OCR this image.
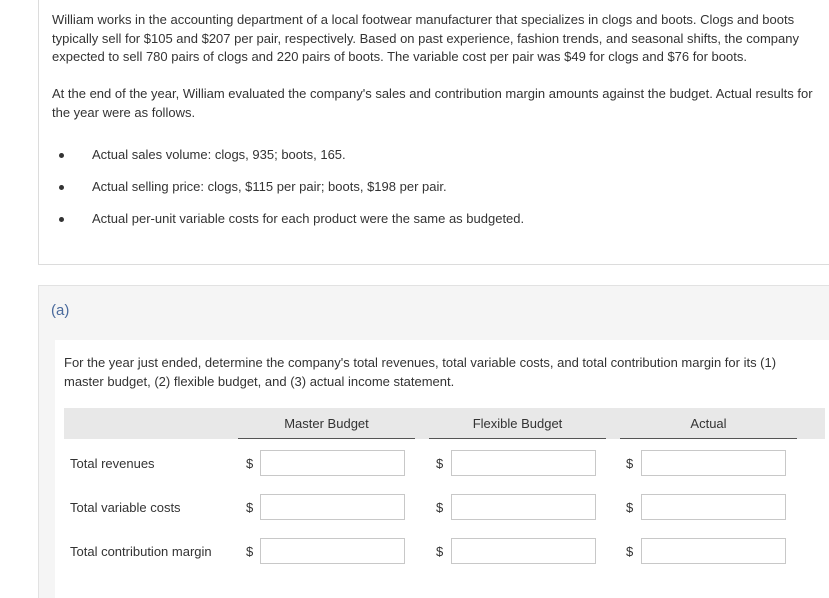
William works in the accounting department of a local footwear manufacturer that specializes in clogs and boots. Clogs and boots typically sell for $105 and $207 per pair, respectively. Based on past experience, fashion trends, and seasonal shifts, the company expected to sell 780 pairs of clogs and 220 pairs of boots. The variable cost per pair was $49 for clogs and $76 for boots.

At the end of the year, William evaluated the company's sales and contribution margin amounts against the budget. Actual results for the year were as follows.

Actual sales volume: clogs, 935; boots, 165.
Actual selling price: clogs, $115 per pair; boots, $198 per pair.
Actual per-unit variable costs for each product were the same as budgeted.
(a)

For the year just ended, determine the company's total revenues, total variable costs, and total contribution margin for its (1) master budget, (2) flexible budget, and (3) actual income statement.

Master Budget	Flexible Budget	Actual
Total revenues	$	$	$
Total variable costs	$	$	$
Total contribution margin	$	$	$
